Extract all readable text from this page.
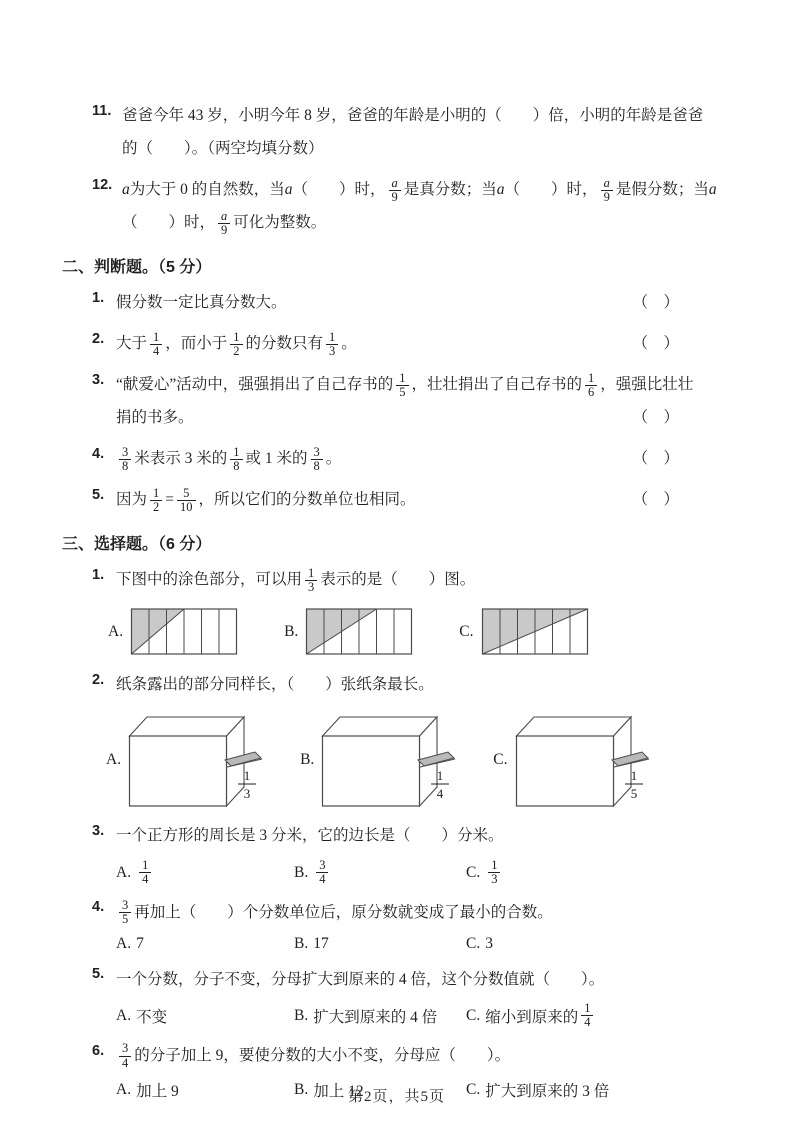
11. 爸爸今年 43 岁，小明今年 8 岁，爸爸的年龄是小明的（　　）倍，小明的年龄是爸爸
的（　　）。（两空均填分数）
12. a 为大于 0 的自然数，当 a （　　）时， $\frac{a}{9}$ 是真分数；当 a （　　）时， $\frac{a}{9}$ 是假分数；当 a
（　　）时， $\frac{a}{9}$ 可化为整数。
二、判断题。（5 分）
1. 假分数一定比真分数大。	（　）
2. 大于 $\frac{1}{4}$ ，而小于 $\frac{1}{2}$ 的分数只有 $\frac{1}{3}$ 。	（　）
3. “献爱心”活动中，强强捐出了自己存书的 $\frac{1}{5}$ ，壮壮捐出了自己存书的 $\frac{1}{6}$ ，强强比壮壮
捐的书多。	（　）
4.	$\frac{3}{8}$ 米表示 3 米的 $\frac{1}{8}$ 或 1 米的 $\frac{3}{8}$ 。	（　）
5. 因为 $\frac{1}{2} = \frac{5}{10}$ ，所以它们的分数单位也相同。	（　）
三、选择题。（6 分）
1. 下图中的涂色部分，可以用 $\frac{1}{3}$ 表示的是（　　）图。
A.	B.	C.
2. 纸条露出的部分同样长，（　　）张纸条最长。
A.
1
3
B.
1
4
C.
1
5
3. 一个正方形的周长是 3 分米，它的边长是（　　）分米。
A. $\frac{1}{4}$	B. $\frac{3}{4}$	C. $\frac{1}{3}$
4.	$\frac{3}{5}$ 再加上（　　）个分数单位后，原分数就变成了最小的合数。
A. 7	B. 17	C. 3
5. 一个分数，分子不变，分母扩大到原来的 4 倍，这个分数值就（　　）。
A. 不变	B. 扩大到原来的 4 倍 C. 缩小到原来的 $\frac{1}{4}$
6.	$\frac{3}{4}$ 的分子加上 9，要使分数的大小不变，分母应（　　）。
A. 加上 9	B. 加上 12	C. 扩大到原来的 3 倍
第2页，共5页
